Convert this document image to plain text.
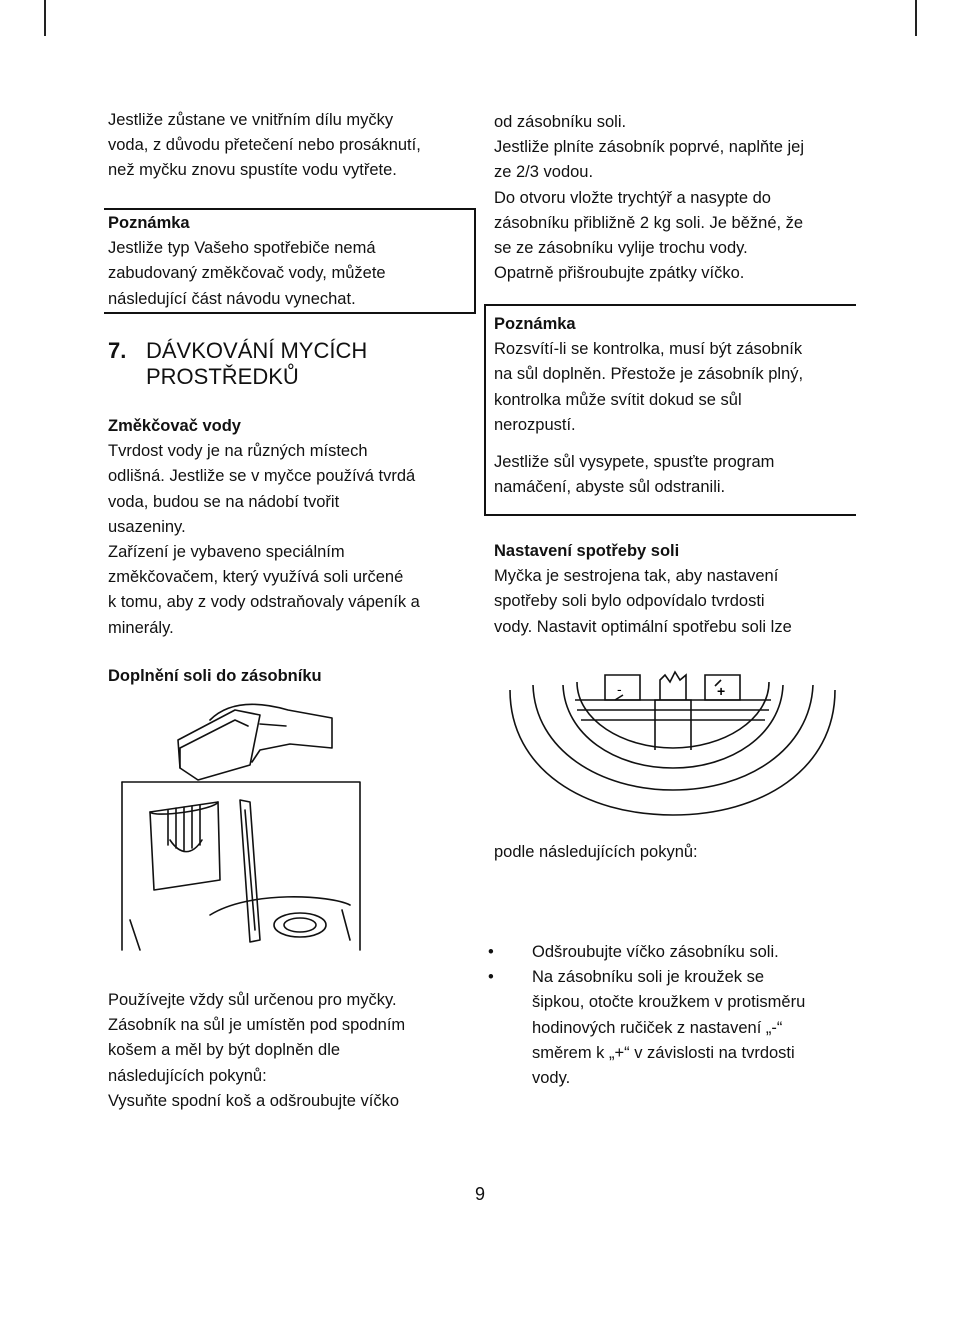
Jestliže zůstane ve vnitřním dílu myčky
voda, z důvodu přetečení nebo prosáknutí,
než myčku znovu spustíte vodu vytřete.
Poznámka
Jestliže typ Vašeho spotřebiče nemá
zabudovaný změkčovač vody, můžete
následující část návodu vynechat.
7. DÁVKOVÁNÍ MYCÍCH
PROSTŘEDKŮ
Změkčovač vody
Tvrdost vody je na různých místech
odlišná. Jestliže se v myčce používá tvrdá
voda, budou se na nádobí tvořit
usazeniny.
Zařízení je vybaveno speciálním
změkčovačem, který využívá soli určené
k tomu, aby z vody odstraňovaly vápeník a
minerály.
Doplnění soli do zásobníku
Používejte vždy sůl určenou pro myčky.
Zásobník na sůl je umístěn pod spodním
košem a měl by být doplněn dle
následujících pokynů:
Vysuňte spodní koš a odšroubujte víčko
od zásobníku soli.
Jestliže plníte zásobník poprvé, naplňte jej
ze 2/3 vodou.
Do otvoru vložte trychtýř a nasypte do
zásobníku přibližně 2 kg soli. Je běžné, že
se ze zásobníku vylije trochu vody.
Opatrně přišroubujte zpátky víčko.
Poznámka
Rozsvítí-li se kontrolka, musí být zásobník
na sůl doplněn. Přestože je zásobník plný,
kontrolka může svítit dokud se sůl
nerozpustí.
Jestliže sůl vysypete, spusťte program
namáčení, abyste sůl odstranili.
Nastavení spotřeby soli
Myčka je sestrojena tak, aby nastavení
spotřeby soli bylo odpovídalo tvrdosti
vody. Nastavit optimální spotřebu soli lze
-	+
podle následujících pokynů:
• Odšroubujte víčko zásobníku soli.
• Na zásobníku soli je kroužek se
šipkou, otočte kroužkem v protisměru
hodinových ručiček z nastavení „-“
směrem k „+“ v závislosti na tvrdosti
vody.
9
